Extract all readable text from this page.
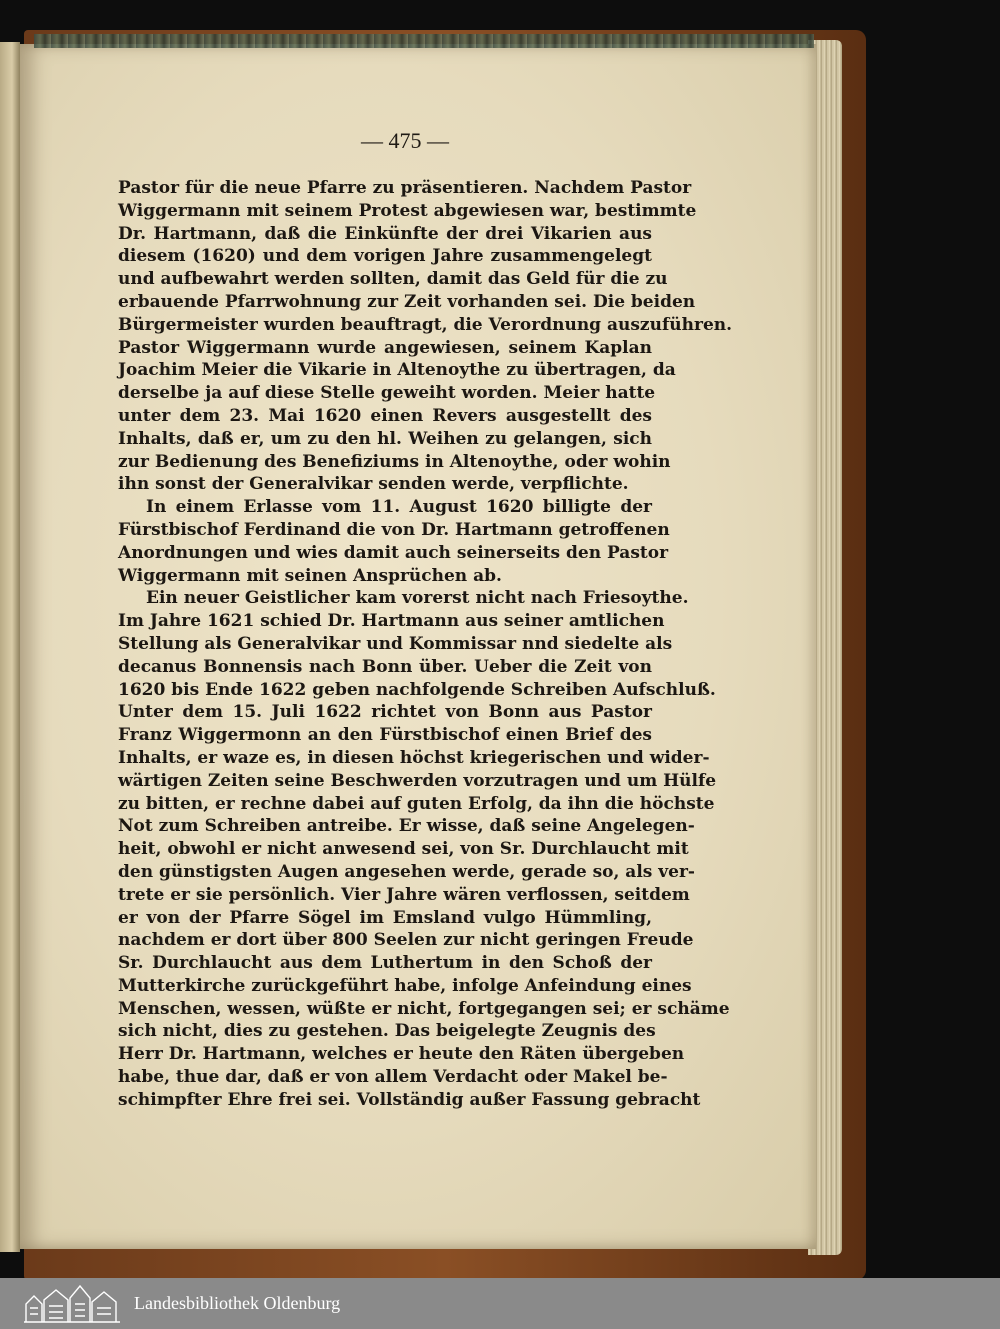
— 475 —
Pastor für die neue Pfarre zu präsentieren. Nachdem Pastor
Wiggermann mit seinem Protest abgewiesen war, bestimmte
Dr. Hartmann, daß die Einkünfte der drei Vikarien aus
diesem (1620) und dem vorigen Jahre zusammengelegt
und aufbewahrt werden sollten, damit das Geld für die zu
erbauende Pfarrwohnung zur Zeit vorhanden sei. Die beiden
Bürgermeister wurden beauftragt, die Verordnung auszuführen.
Pastor Wiggermann wurde angewiesen, seinem Kaplan
Joachim Meier die Vikarie in Altenoythe zu übertragen, da
derselbe ja auf diese Stelle geweiht worden. Meier hatte
unter dem 23. Mai 1620 einen Revers ausgestellt des
Inhalts, daß er, um zu den hl. Weihen zu gelangen, sich
zur Bedienung des Benefiziums in Altenoythe, oder wohin
ihn sonst der Generalvikar senden werde, verpflichte.
In einem Erlasse vom 11. August 1620 billigte der
Fürstbischof Ferdinand die von Dr. Hartmann getroffenen
Anordnungen und wies damit auch seinerseits den Pastor
Wiggermann mit seinen Ansprüchen ab.
Ein neuer Geistlicher kam vorerst nicht nach Friesoythe.
Im Jahre 1621 schied Dr. Hartmann aus seiner amtlichen
Stellung als Generalvikar und Kommissar nnd siedelte als
decanus Bonnensis nach Bonn über. Ueber die Zeit von
1620 bis Ende 1622 geben nachfolgende Schreiben Aufschluß.
Unter dem 15. Juli 1622 richtet von Bonn aus Pastor
Franz Wiggermonn an den Fürstbischof einen Brief des
Inhalts, er waze es, in diesen höchst kriegerischen und wider-
wärtigen Zeiten seine Beschwerden vorzutragen und um Hülfe
zu bitten, er rechne dabei auf guten Erfolg, da ihn die höchste
Not zum Schreiben antreibe. Er wisse, daß seine Angelegen-
heit, obwohl er nicht anwesend sei, von Sr. Durchlaucht mit
den günstigsten Augen angesehen werde, gerade so, als ver-
trete er sie persönlich. Vier Jahre wären verflossen, seitdem
er von der Pfarre Sögel im Emsland vulgo Hümmling,
nachdem er dort über 800 Seelen zur nicht geringen Freude
Sr. Durchlaucht aus dem Luthertum in den Schoß der
Mutterkirche zurückgeführt habe, infolge Anfeindung eines
Menschen, wessen, wüßte er nicht, fortgegangen sei; er schäme
sich nicht, dies zu gestehen. Das beigelegte Zeugnis des
Herr Dr. Hartmann, welches er heute den Räten übergeben
habe, thue dar, daß er von allem Verdacht oder Makel be-
schimpfter Ehre frei sei. Vollständig außer Fassung gebracht
Landesbibliothek Oldenburg
